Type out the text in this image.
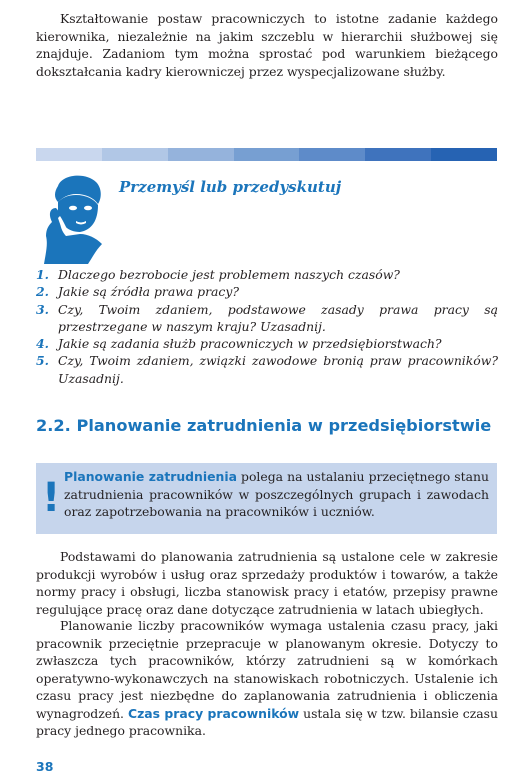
Kształtowanie postaw pracowniczych to istotne zadanie każdego kierownika, niezależnie na jakim szczeblu w hierarchii służbowej się znajduje. Zadaniom tym można sprostać pod warunkiem bieżącego dokształcania kadry kierowniczej przez wyspecjalizowane służby.

Przemyśl lub przedyskutuj
1. Dlaczego bezrobocie jest problemem naszych czasów?
2. Jakie są źródła prawa pracy?
3. Czy, Twoim zdaniem, podstawowe zasady prawa pracy są przestrzegane w naszym kraju? Uzasadnij.
4. Jakie są zadania służb pracowniczych w przedsiębiorstwach?
5. Czy, Twoim zdaniem, związki zawodowe bronią praw pracowników? Uzasadnij.
2.2. Planowanie zatrudnienia w przedsiębiorstwie
! Planowanie zatrudnienia polega na ustalaniu przeciętnego stanu zatrudnienia pracowników w poszczególnych grupach i zawodach oraz zapotrzebowania na pracowników i uczniów.

Podstawami do planowania zatrudnienia są ustalone cele w zakresie produkcji wyrobów i usług oraz sprzedaży produktów i towarów, a także normy pracy i obsługi, liczba stanowisk pracy i etatów, przepisy prawne regulujące pracę oraz dane dotyczące zatrudnienia w latach ubiegłych.

Planowanie liczby pracowników wymaga ustalenia czasu pracy, jaki pracownik przeciętnie przepracuje w planowanym okresie. Dotyczy to zwłaszcza tych pracowników, którzy zatrudnieni są w komórkach operatywno-wykonawczych na stanowiskach robotniczych. Ustalenie ich czasu pracy jest niezbędne do zaplanowania zatrudnienia i obliczenia wynagrodzeń. Czas pracy pracowników ustala się w tzw. bilansie czasu pracy jednego pracownika.

38
